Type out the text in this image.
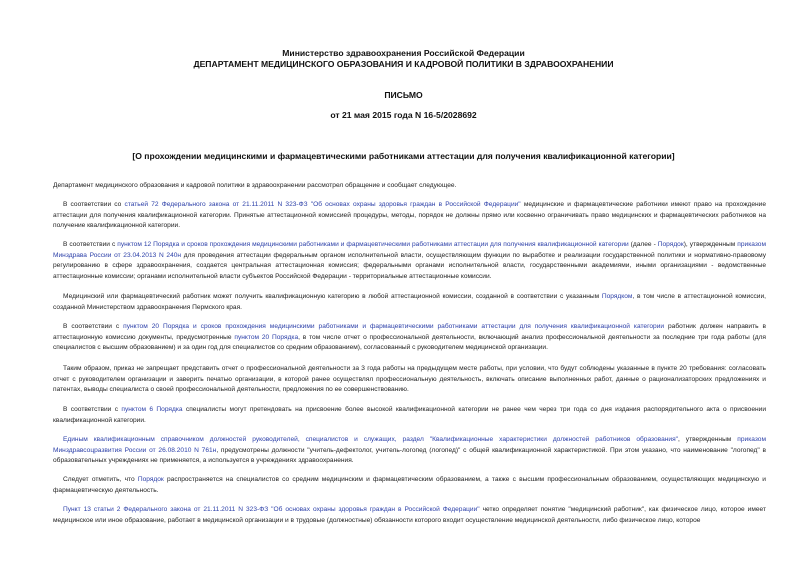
Министерство здравоохранения Российской Федерации
ДЕПАРТАМЕНТ МЕДИЦИНСКОГО ОБРАЗОВАНИЯ И КАДРОВОЙ ПОЛИТИКИ В ЗДРАВООХРАНЕНИИ
ПИСЬМО
от 21 мая 2015 года N 16-5/2028692
[О прохождении медицинскими и фармацевтическими работниками аттестации для получения квалификационной категории]
Департамент медицинского образования и кадровой политики в здравоохранении рассмотрел обращение и сообщает следующее.
В соответствии со статьей 72 Федерального закона от 21.11.2011 N 323-ФЗ "Об основах охраны здоровья граждан в Российской Федерации" медицинские и фармацевтические работники имеют право на прохождение аттестации для получения квалификационной категории. Принятые аттестационной комиссией процедуры, методы, порядок не должны прямо или косвенно ограничивать право медицинских и фармацевтических работников на получение квалификационной категории.
В соответствии с пунктом 12 Порядка и сроков прохождения медицинскими работниками и фармацевтическими работниками аттестации для получения квалификационной категории (далее - Порядок), утвержденным приказом Минздрава России от 23.04.2013 N 240н для проведения аттестации федеральным органом исполнительной власти, осуществляющим функции по выработке и реализации государственной политики и нормативно-правовому регулированию в сфере здравоохранения, создается центральная аттестационная комиссия; федеральными органами исполнительной власти, государственными академиями, иными организациями - ведомственные аттестационные комиссии; органами исполнительной власти субъектов Российской Федерации - территориальные аттестационные комиссии.
Медицинский или фармацевтический работник может получить квалификационную категорию в любой аттестационной комиссии, созданной в соответствии с указанным Порядком, в том числе в аттестационной комиссии, созданной Министерством здравоохранения Пермского края.
В соответствии с пунктом 20 Порядка и сроков прохождения медицинскими работниками и фармацевтическими работниками аттестации для получения квалификационной категории работник должен направить в аттестационную комиссию документы, предусмотренные пунктом 20 Порядка, в том числе отчет о профессиональной деятельности, включающий анализ профессиональной деятельности за последние три года работы (для специалистов с высшим образованием) и за один год для специалистов со средним образованием), согласованный с руководителем медицинской организации.
Таким образом, приказ не запрещает представить отчет о профессиональной деятельности за 3 года работы на предыдущем месте работы, при условии, что будут соблюдены указанные в пункте 20 требования: согласовать отчет с руководителем организации и заверить печатью организации, в которой ранее осуществлял профессиональную деятельность, включать описание выполненных работ, данные о рационализаторских предложениях и патентах, выводы специалиста о своей профессиональной деятельности, предложения по ее совершенствованию.
В соответствии с пунктом 6 Порядка специалисты могут претендовать на присвоение более высокой квалификационной категории не ранее чем через три года со дня издания распорядительного акта о присвоении квалификационной категории.
Единым квалификационным справочником должностей руководителей, специалистов и служащих, раздел "Квалификационные характеристики должностей работников образования", утвержденным приказом Минздравсоцразвития России от 26.08.2010 N 761н, предусмотрены должности "учитель-дефектолог, учитель-логопед (логопед)" с общей квалификационной характеристикой. При этом указано, что наименование "логопед" в образовательных учреждениях не применяется, а используется в учреждениях здравоохранения.
Следует отметить, что Порядок распространяется на специалистов со средним медицинским и фармацевтическим образованием, а также с высшим профессиональным образованием, осуществляющих медицинскую и фармацевтическую деятельность.
Пункт 13 статьи 2 Федерального закона от 21.11.2011 N 323-ФЗ "Об основах охраны здоровья граждан в Российской Федерации" четко определяет понятие "медицинский работник", как физическое лицо, которое имеет медицинское или иное образование, работает в медицинской организации и в трудовые (должностные) обязанности которого входит осуществление медицинской деятельности, либо физическое лицо, которое
